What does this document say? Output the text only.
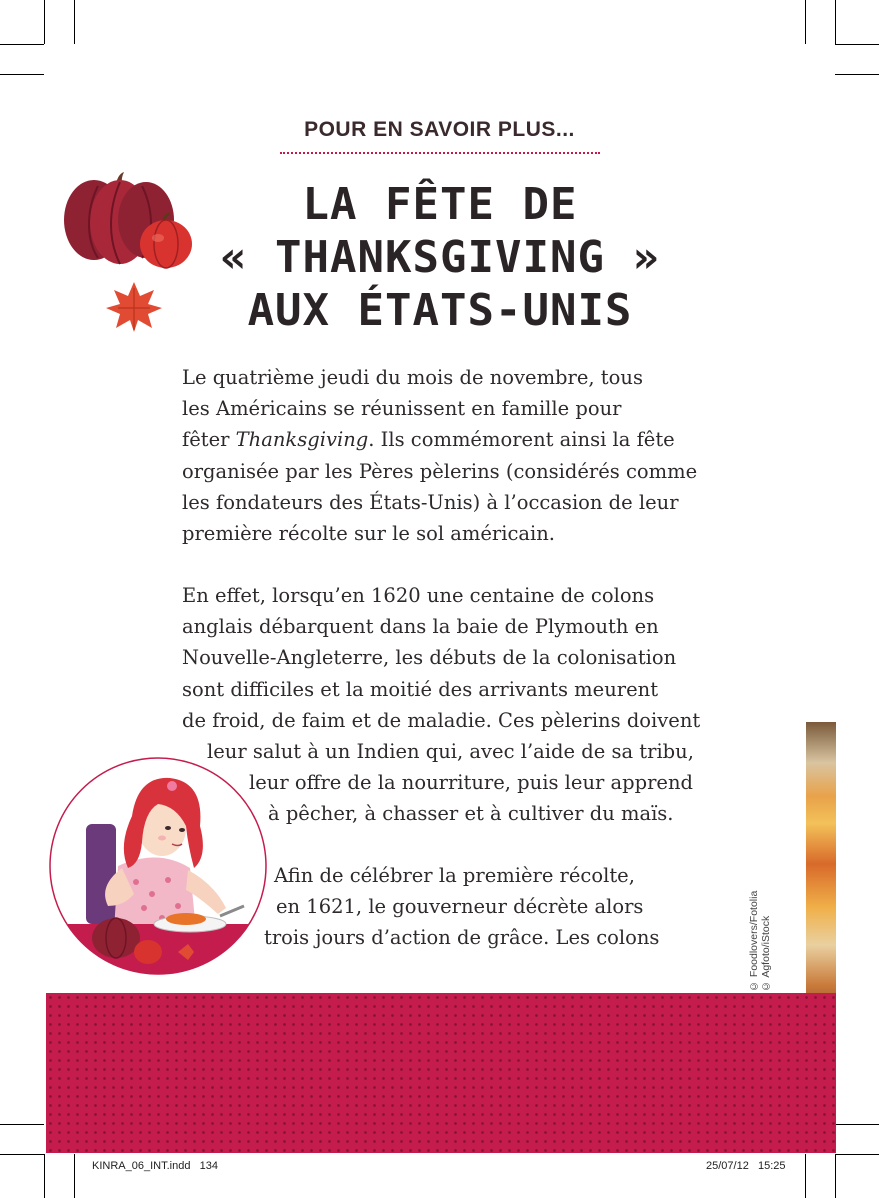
POUR EN SAVOIR PLUS...
LA FÊTE DE
« THANKSGIVING »
AUX ÉTATS-UNIS
Le quatrième jeudi du mois de novembre, tous
les Américains se réunissent en famille pour
fêter Thanksgiving. Ils commémorent ainsi la fête
organisée par les Pères pèlerins (considérés comme
les fondateurs des États-Unis) à l’occasion de leur
première récolte sur le sol américain.
En effet, lorsqu’en 1620 une centaine de colons
anglais débarquent dans la baie de Plymouth en
Nouvelle-Angleterre, les débuts de la colonisation
sont difficiles et la moitié des arrivants meurent
de froid, de faim et de maladie. Ces pèlerins doivent
leur salut à un Indien qui, avec l’aide de sa tribu,
leur offre de la nourriture, puis leur apprend
à pêcher, à chasser et à cultiver du maïs.
Afin de célébrer la première récolte,
en 1621, le gouverneur décrète alors
trois jours d’action de grâce. Les colons	© Foodlovers/Fotolia © Agfoto/iStock
KINRA_06_INT.indd   134	25/07/12   15:25
